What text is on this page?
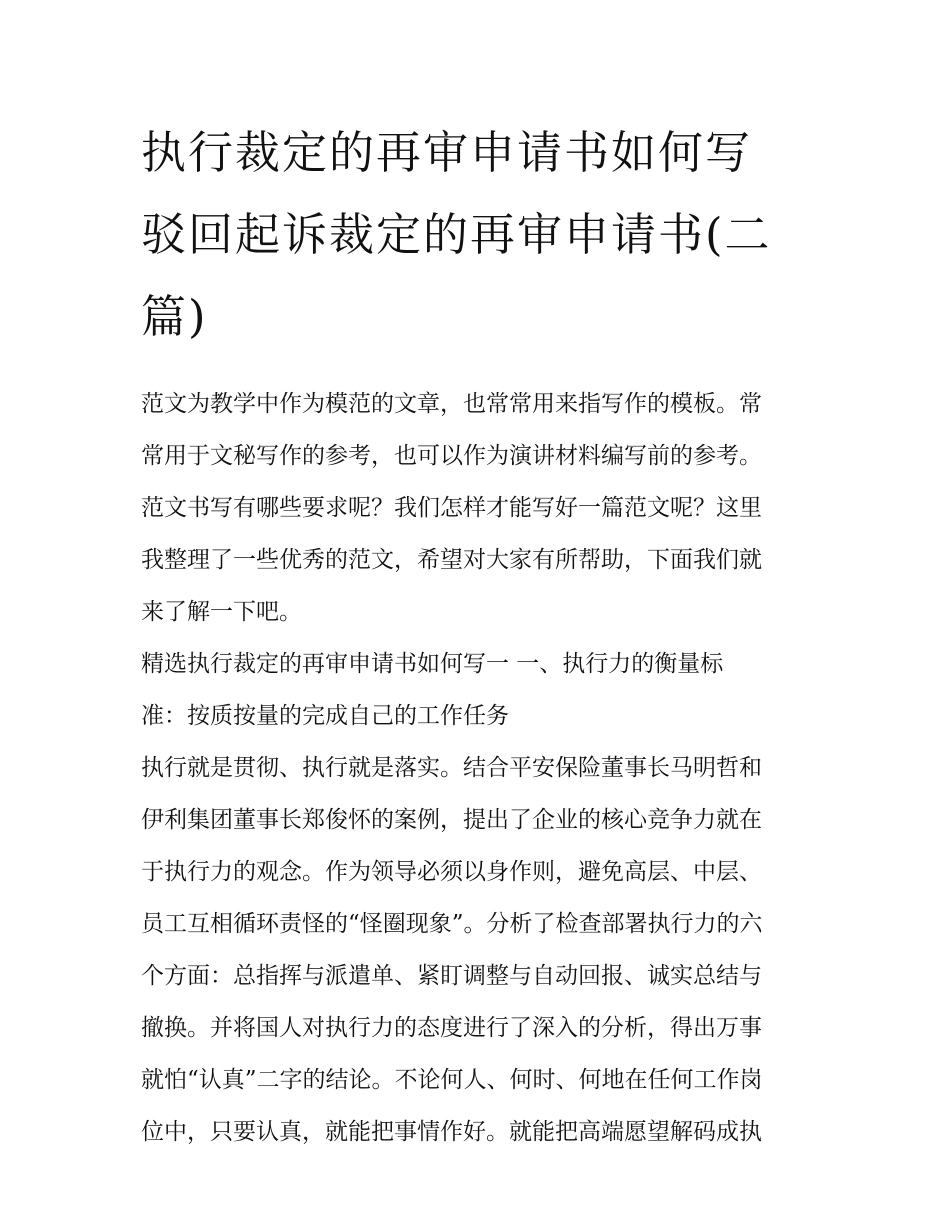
执行裁定的再审申请书如何写
驳回起诉裁定的再审申请书(二
篇)

范文为教学中作为模范的文章，也常常用来指写作的模板。常
常用于文秘写作的参考，也可以作为演讲材料编写前的参考。
范文书写有哪些要求呢？我们怎样才能写好一篇范文呢？这里
我整理了一些优秀的范文，希望对大家有所帮助，下面我们就
来了解一下吧。

精选执行裁定的再审申请书如何写一 一、执行力的衡量标
准：按质按量的完成自己的工作任务

执行就是贯彻、执行就是落实。结合平安保险董事长马明哲和
伊利集团董事长郑俊怀的案例，提出了企业的核心竞争力就在
于执行力的观念。作为领导必须以身作则，避免高层、中层、
员工互相循环责怪的“怪圈现象”。分析了检查部署执行力的六
个方面：总指挥与派遣单、紧盯调整与自动回报、诚实总结与
撤换。并将国人对执行力的态度进行了深入的分析，得出万事
就怕“认真”二字的结论。不论何人、何时、何地在任何工作岗
位中，只要认真，就能把事情作好。就能把高端愿望解码成执
